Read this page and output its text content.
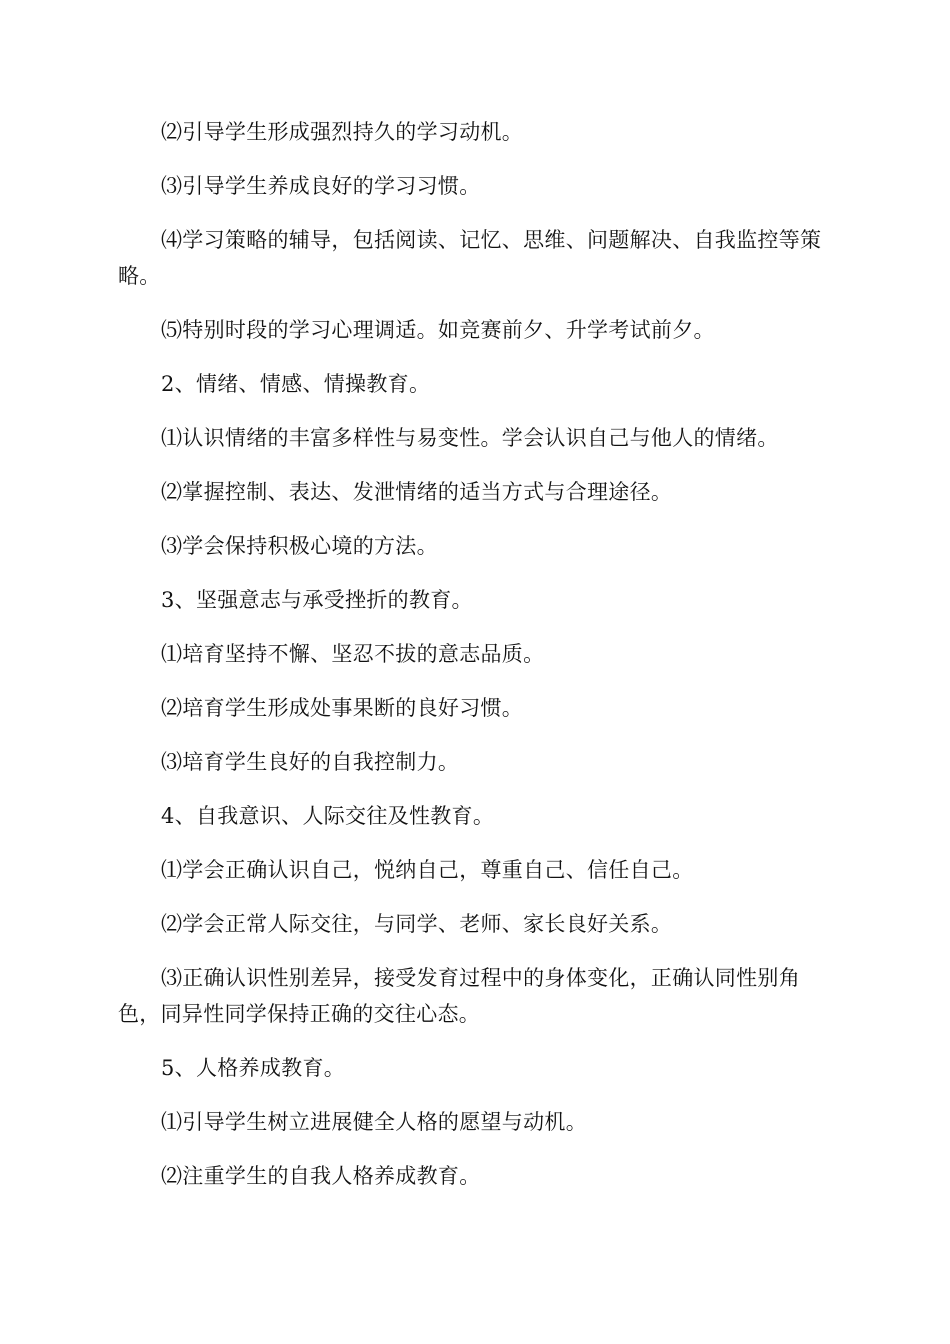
⑵引导学生形成强烈持久的学习动机。

⑶引导学生养成良好的学习习惯。

⑷学习策略的辅导，包括阅读、记忆、思维、问题解决、自我监控等策略。

⑸特别时段的学习心理调适。如竞赛前夕、升学考试前夕。

2、情绪、情感、情操教育。

⑴认识情绪的丰富多样性与易变性。学会认识自己与他人的情绪。

⑵掌握控制、表达、发泄情绪的适当方式与合理途径。

⑶学会保持积极心境的方法。

3、坚强意志与承受挫折的教育。

⑴培育坚持不懈、坚忍不拔的意志品质。

⑵培育学生形成处事果断的良好习惯。

⑶培育学生良好的自我控制力。

4、自我意识、人际交往及性教育。

⑴学会正确认识自己，悦纳自己，尊重自己、信任自己。

⑵学会正常人际交往，与同学、老师、家长良好关系。

⑶正确认识性别差异，接受发育过程中的身体变化，正确认同性别角色，同异性同学保持正确的交往心态。

5、人格养成教育。

⑴引导学生树立进展健全人格的愿望与动机。

⑵注重学生的自我人格养成教育。
